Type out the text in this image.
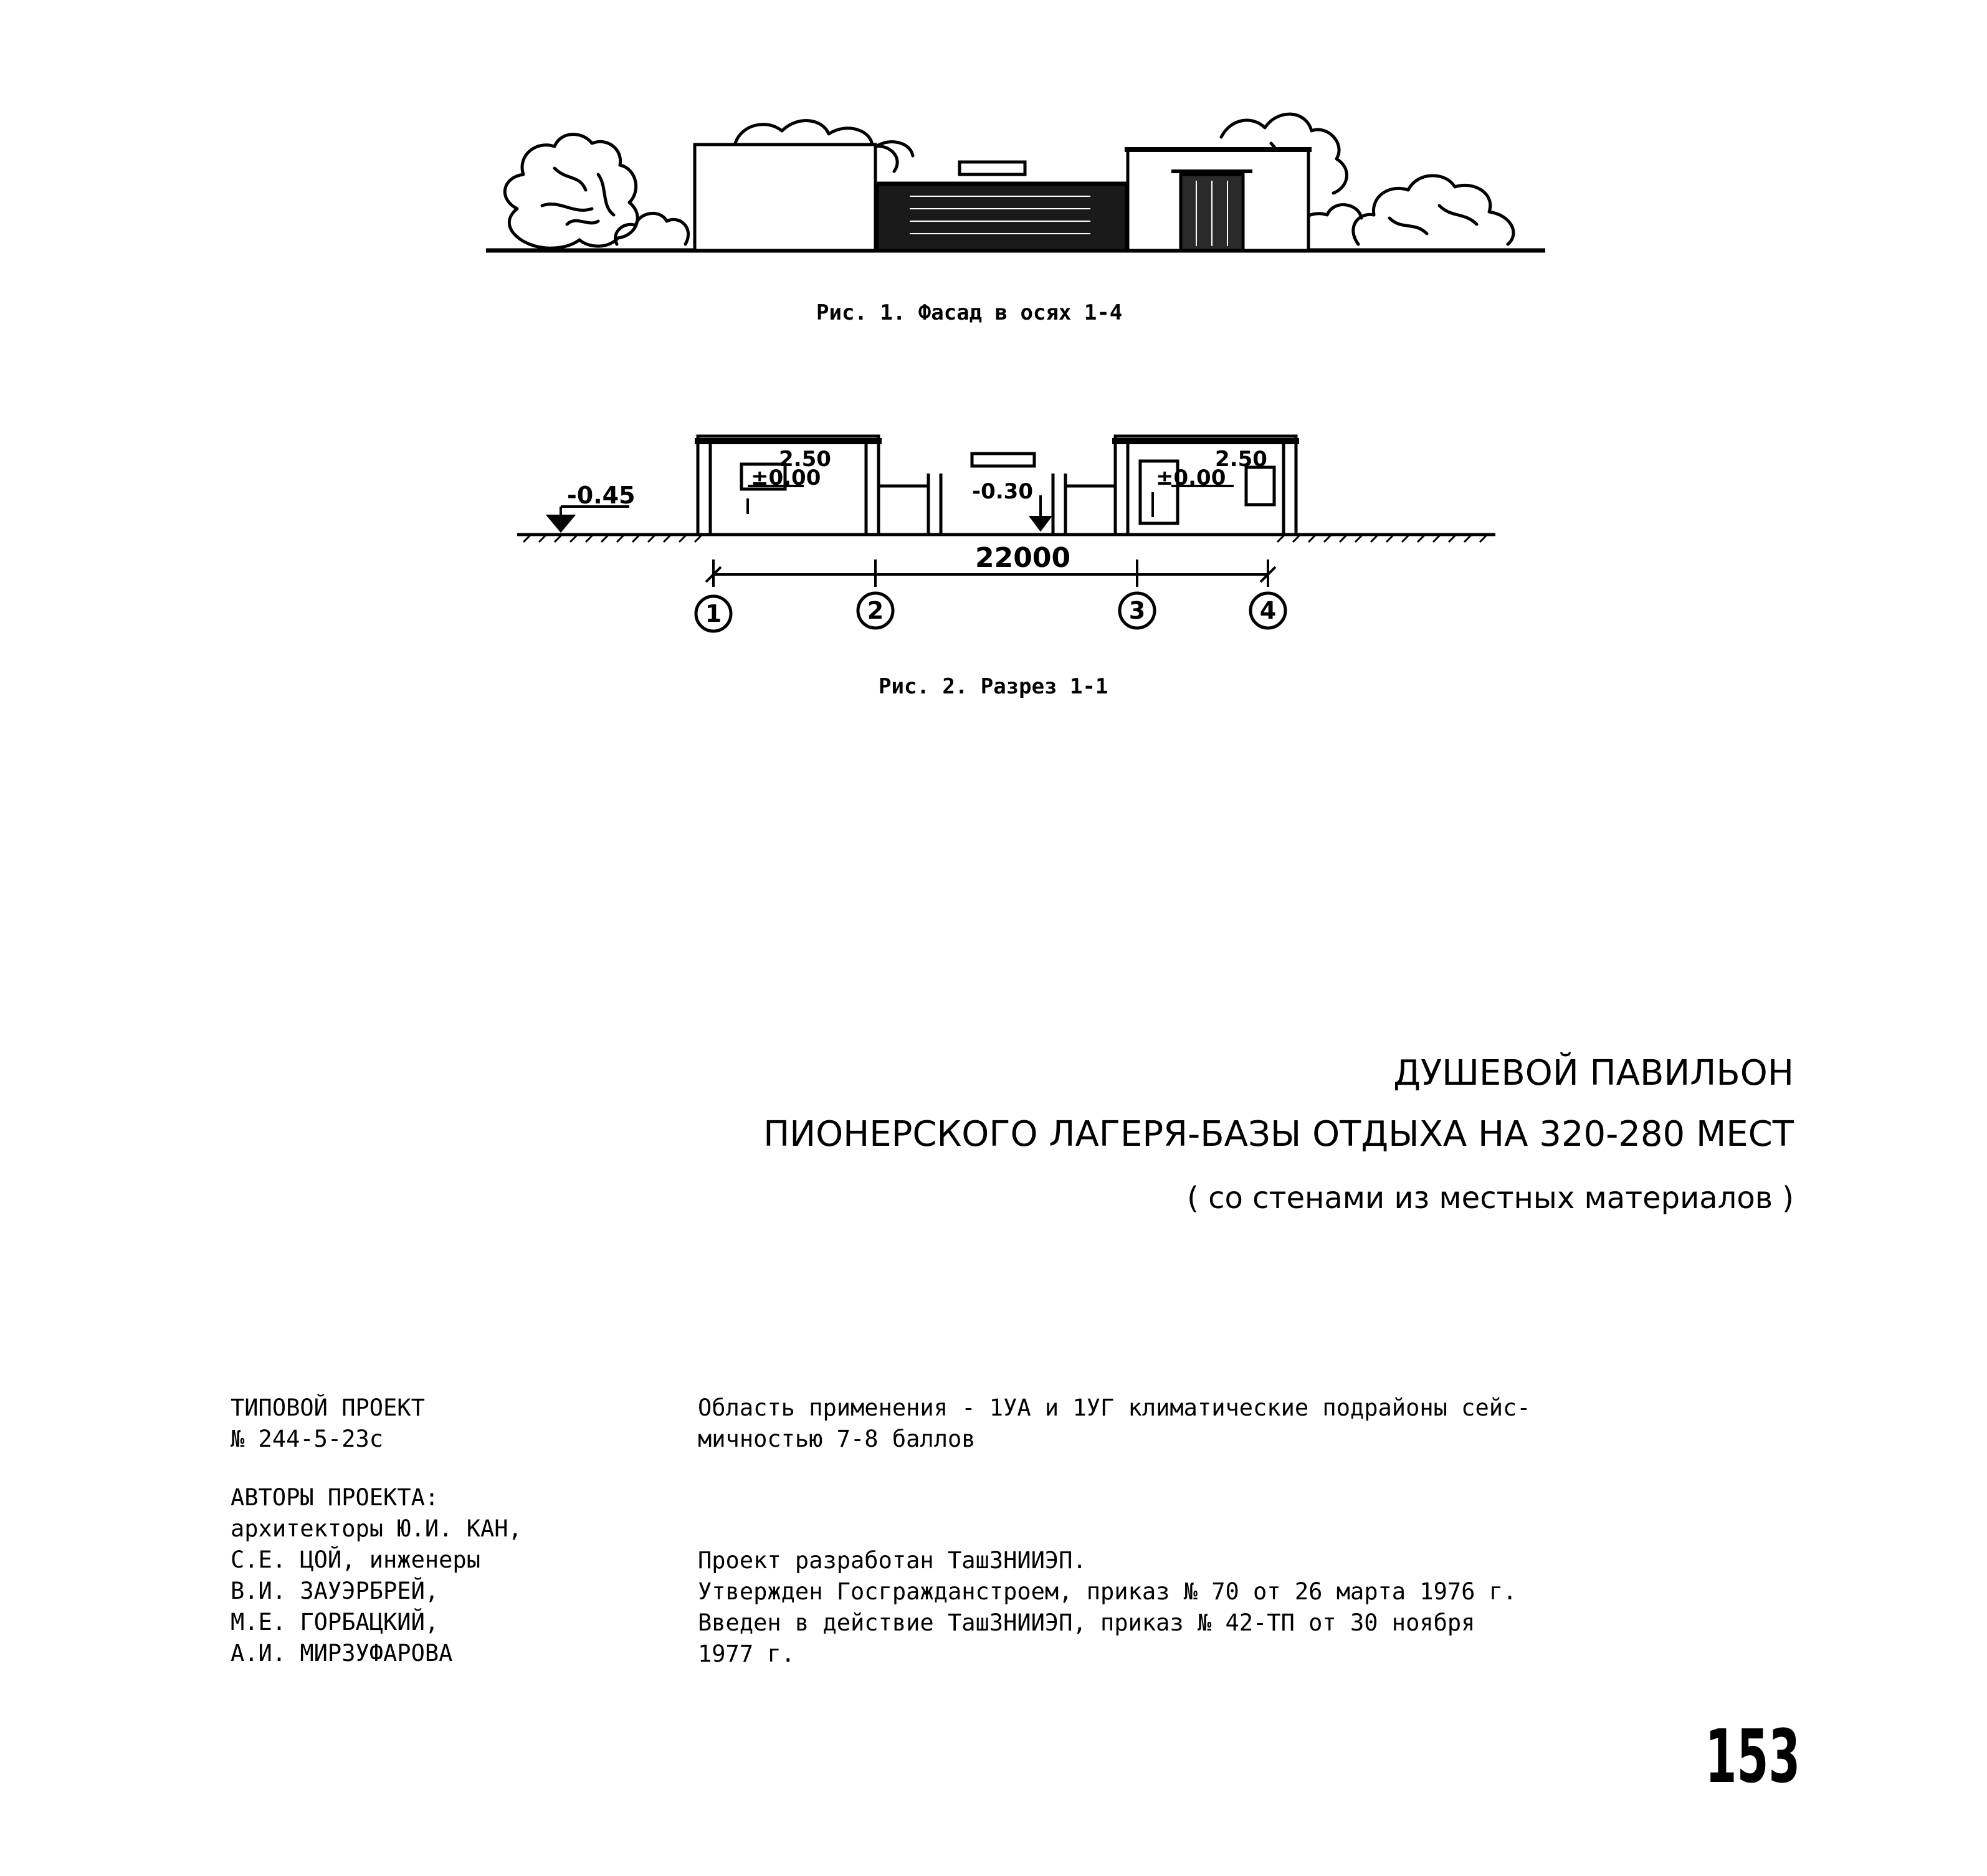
Рис. 1. Фасад в осях 1-4
-0.45
2.50
±0.00
-0.30
2.50
±0.00
22000
1	2	3	4
Рис. 2. Разрез 1-1
ДУШЕВОЙ ПАВИЛЬОН
ПИОНЕРСКОГО ЛАГЕРЯ-БАЗЫ ОТДЫХА НА 320-280 МЕСТ
( со стенами из местных материалов )
ТИПОВОЙ ПРОЕКТ
№ 244-5-23с
АВТОРЫ ПРОЕКТА:
архитекторы Ю.И. КАН,
С.Е. ЦОЙ, инженеры
В.И. ЗАУЭРБРЕЙ,
М.Е. ГОРБАЦКИЙ,
А.И. МИРЗУФАРОВА
Область применения - 1УА и 1УГ климатические подрайоны сейс-
мичностью 7-8 баллов
Проект разработан ТашЗНИИЭП.
Утвержден Госгражданстроем, приказ № 70 от 26 марта 1976 г.
Введен в действие ТашЗНИИЭП, приказ № 42-ТП от 30 ноября
1977 г.
153
